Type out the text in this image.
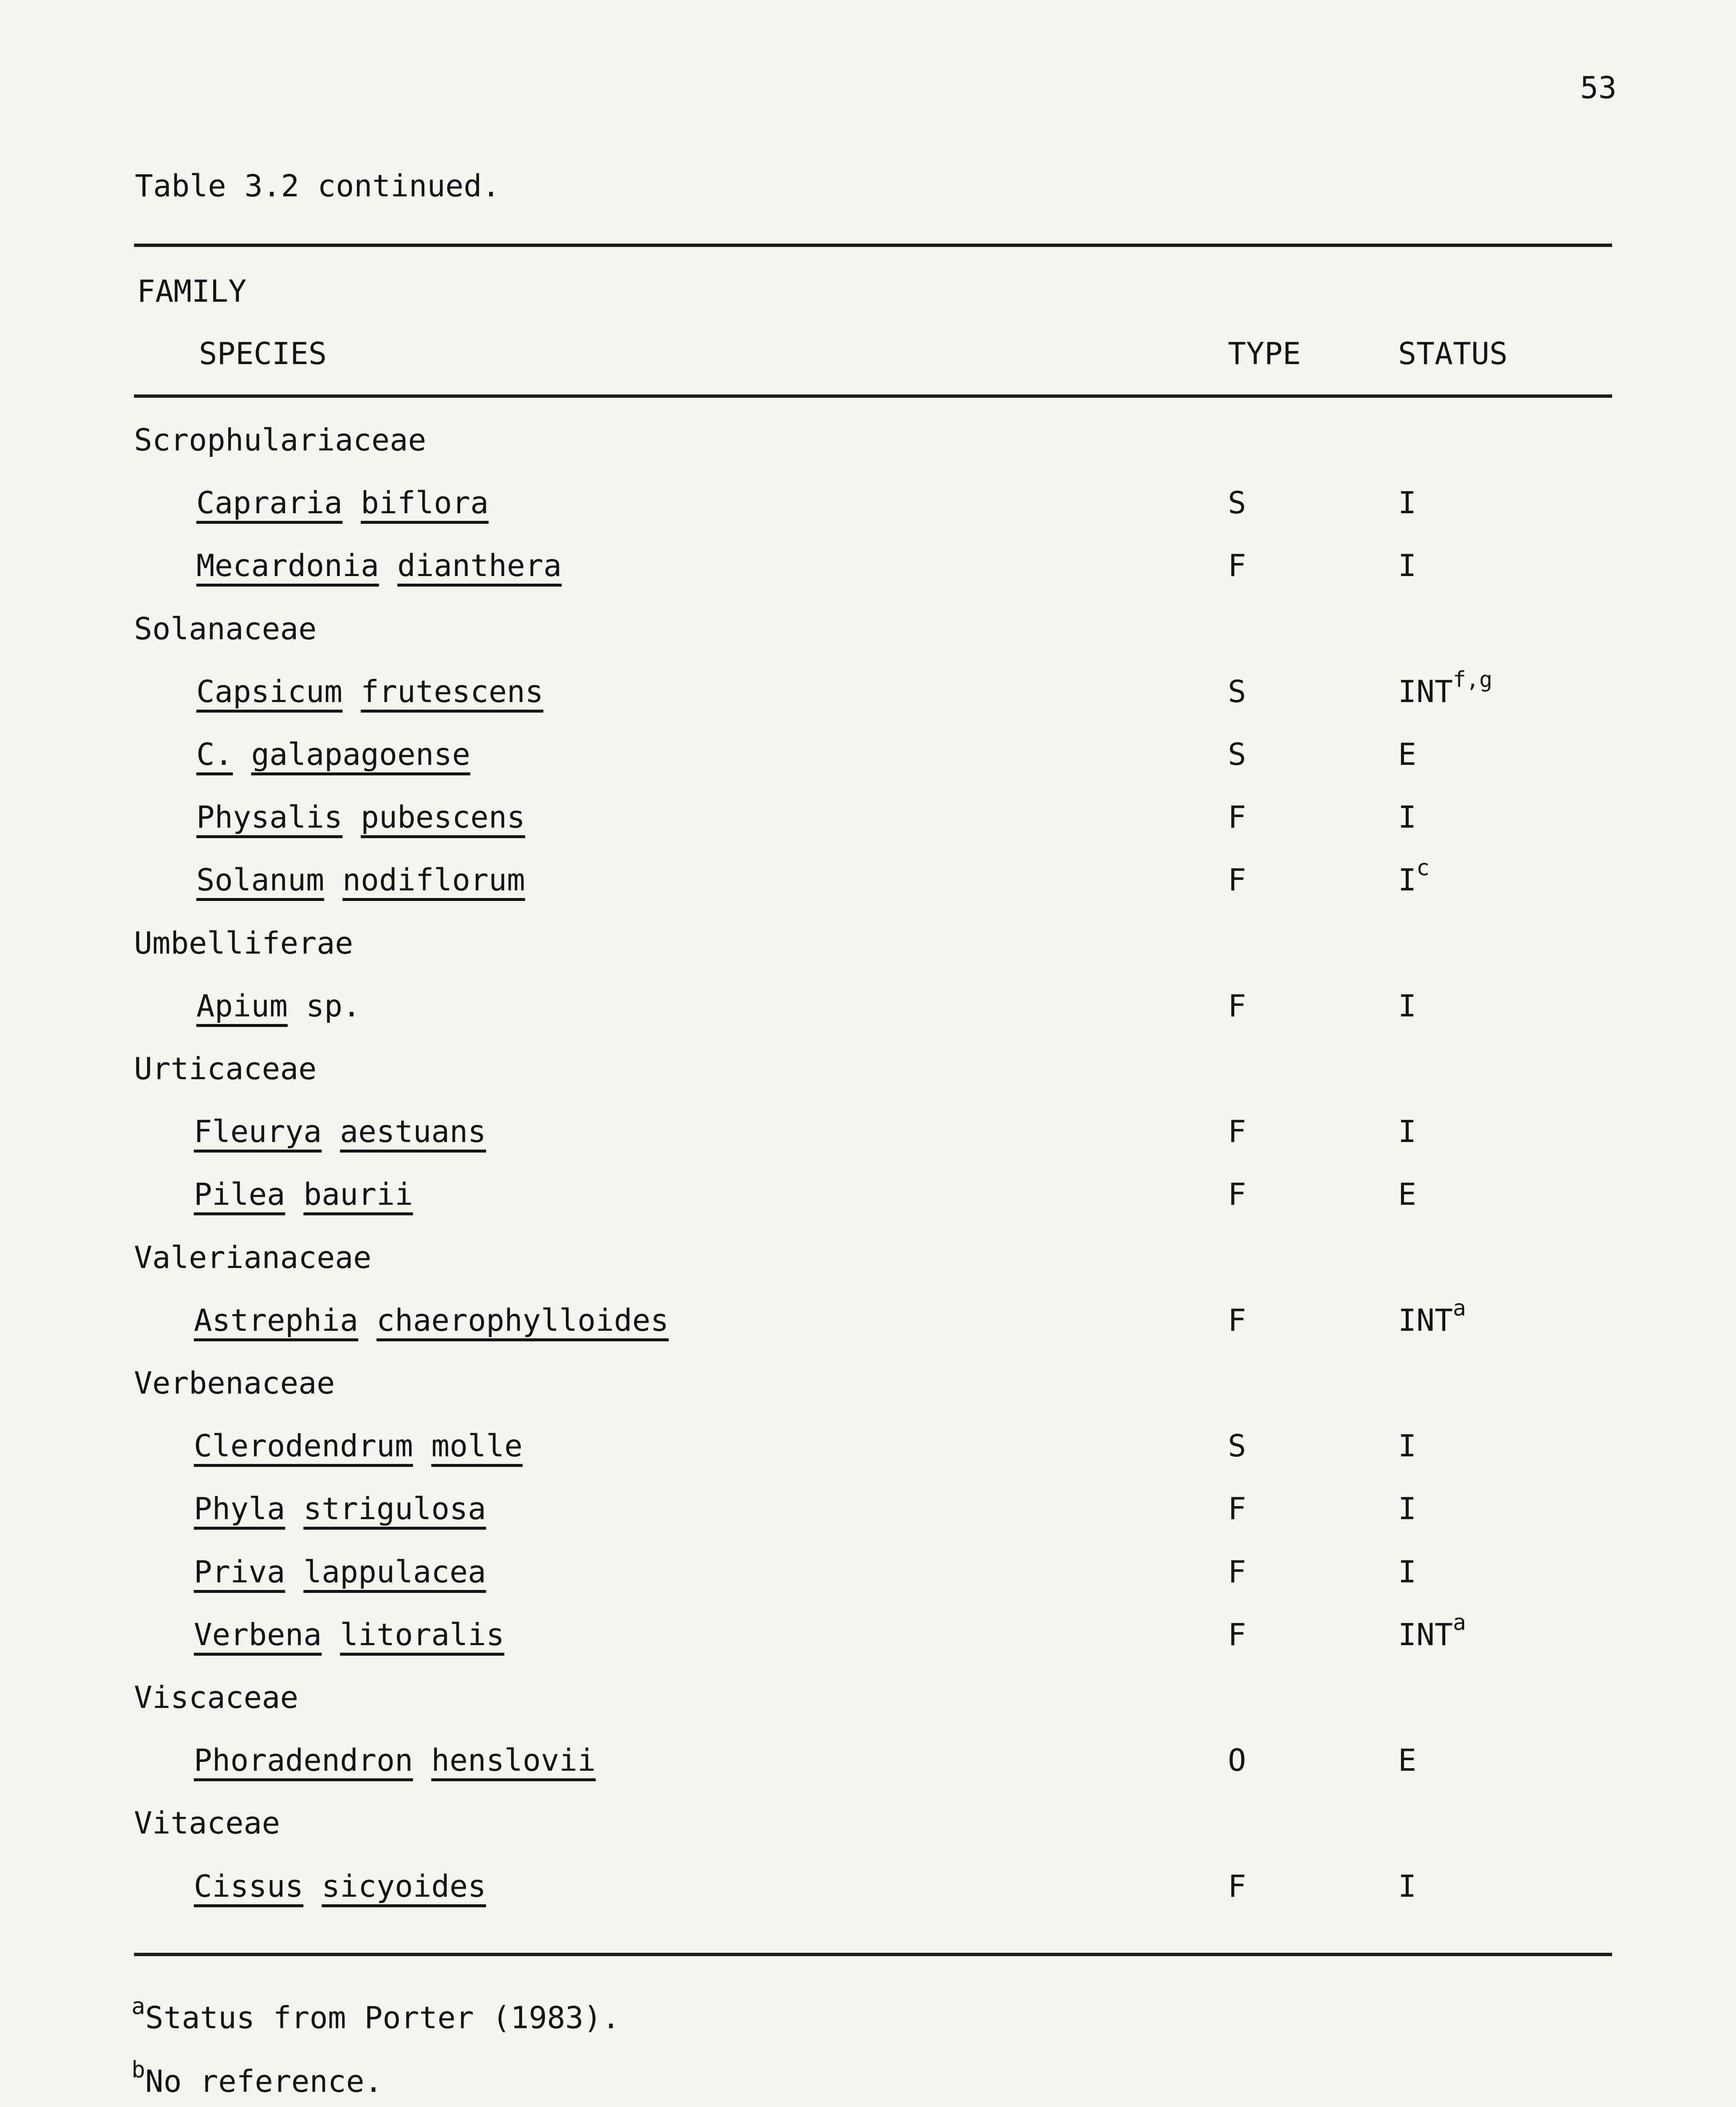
53
Table 3.2 continued.
FAMILY
SPECIES	TYPE	STATUS
Scrophulariaceae
Capraria biflora	S	I
Mecardonia dianthera	F	I
Solanaceae
Capsicum frutescens	S	INT$^{f,g}$
C. galapagoense	S	E
Physalis pubescens	F	I
Solanum nodiflorum	F	$I^c$
Umbelliferae
Apium sp.	F	I
Urticaceae
Fleurya aestuans	F	I
Pilea baurii	F	E
Valerianaceae
Astrephia chaerophylloides	F	INT$^a$
Verbenaceae
Clerodendrum molle	S	I
Phyla strigulosa	F	I
Priva lappulacea	F	I
Verbena litoralis	F	INT$^a$
Viscaceae
Phoradendron henslovii	O	E
Vitaceae
Cissus sicyoides	F	I
$^a$Status from Porter (1983).
$^b$No reference.
